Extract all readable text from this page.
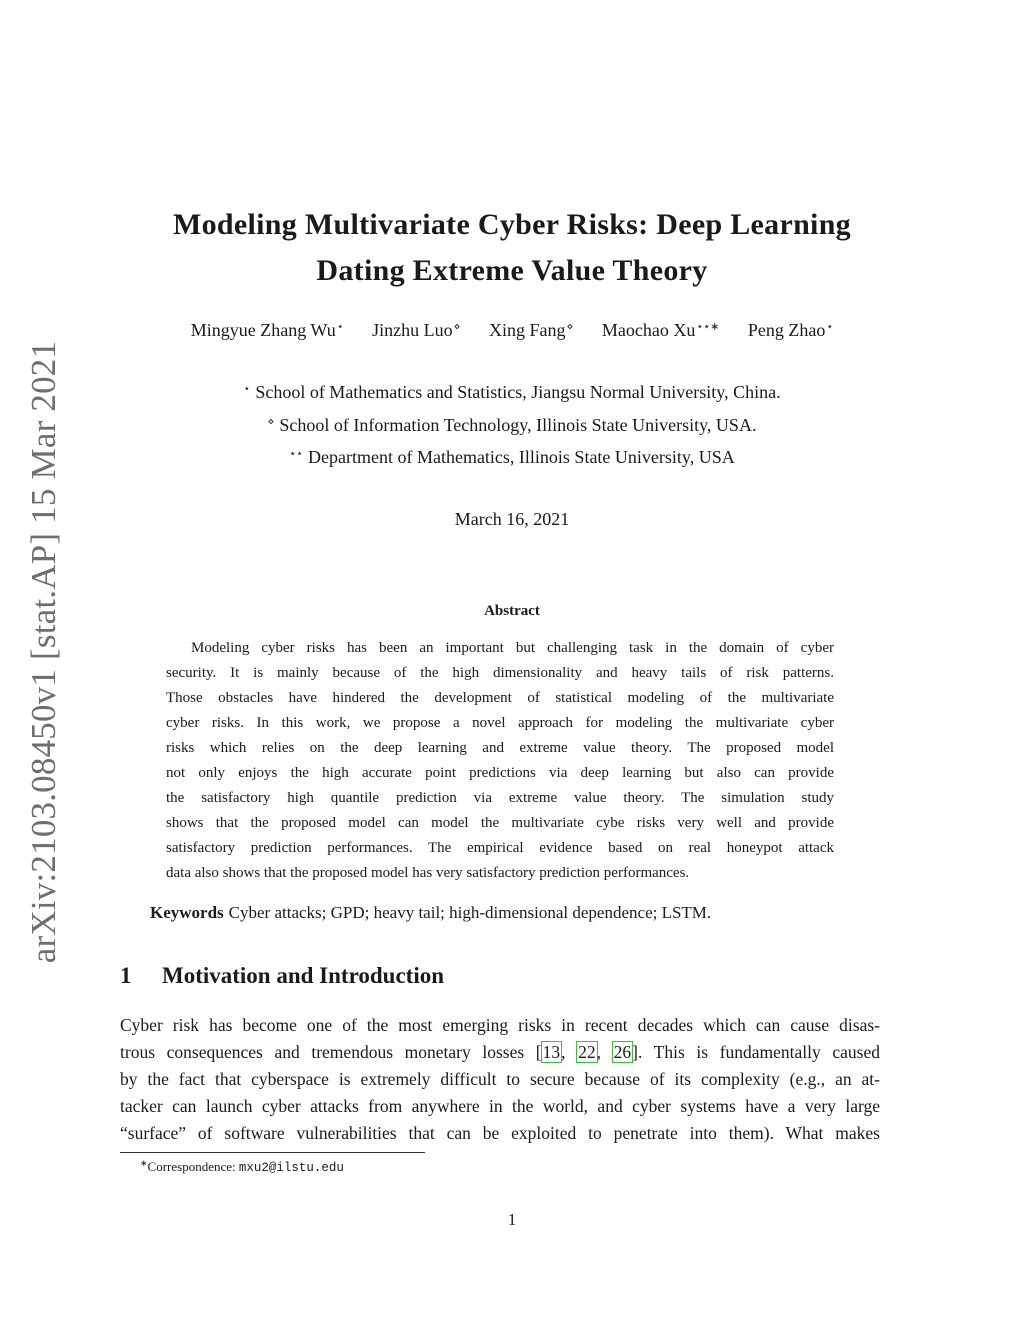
arXiv:2103.08450v1 [stat.AP] 15 Mar 2021
Modeling Multivariate Cyber Risks: Deep Learning
Dating Extreme Value Theory
Mingyue Zhang Wu⋆ Jinzhu Luo⋄ Xing Fang⋄ Maochao Xu⋆⋆∗ Peng Zhao⋆
⋆ School of Mathematics and Statistics, Jiangsu Normal University, China.
⋄ School of Information Technology, Illinois State University, USA.
⋆⋆ Department of Mathematics, Illinois State University, USA
March 16, 2021
Abstract
Modeling cyber risks has been an important but challenging task in the domain of cyber
security. It is mainly because of the high dimensionality and heavy tails of risk patterns.
Those obstacles have hindered the development of statistical modeling of the multivariate
cyber risks. In this work, we propose a novel approach for modeling the multivariate cyber
risks which relies on the deep learning and extreme value theory. The proposed model
not only enjoys the high accurate point predictions via deep learning but also can provide
the satisfactory high quantile prediction via extreme value theory. The simulation study
shows that the proposed model can model the multivariate cybe risks very well and provide
satisfactory prediction performances. The empirical evidence based on real honeypot attack
data also shows that the proposed model has very satisfactory prediction performances.
Keywords Cyber attacks; GPD; heavy tail; high-dimensional dependence; LSTM.
1 Motivation and Introduction
Cyber risk has become one of the most emerging risks in recent decades which can cause disas-
trous consequences and tremendous monetary losses [13, 22, 26]. This is fundamentally caused
by the fact that cyberspace is extremely difficult to secure because of its complexity (e.g., an at-
tacker can launch cyber attacks from anywhere in the world, and cyber systems have a very large
“surface” of software vulnerabilities that can be exploited to penetrate into them). What makes
∗Correspondence: mxu2@ilstu.edu
1
